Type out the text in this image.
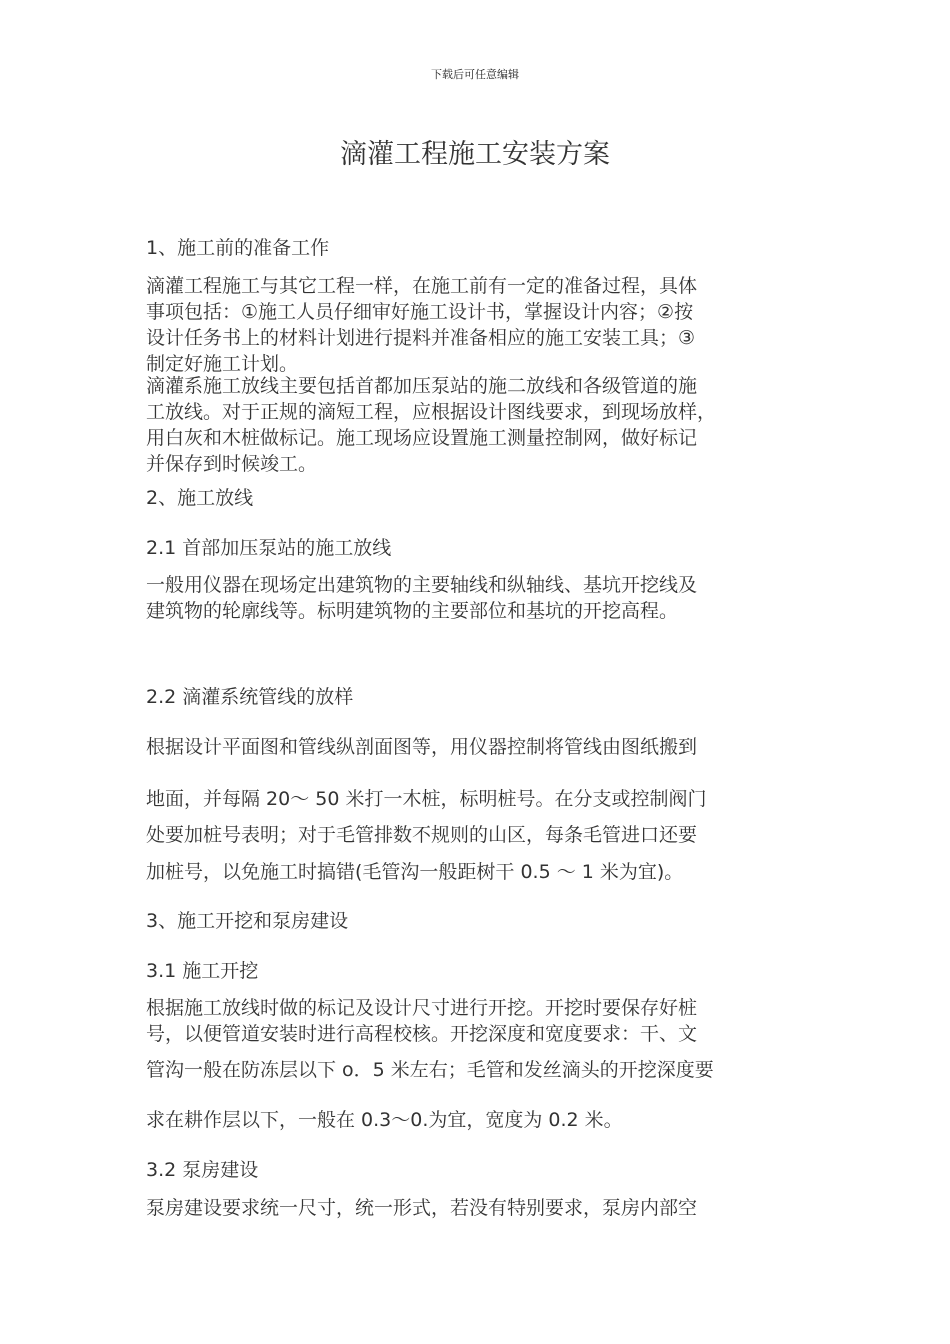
下载后可任意编辑
滴灌工程施工安装方案
1、施工前的准备工作
滴灌工程施工与其它工程一样，在施工前有一定的准备过程，具体
事项包括：①施工人员仔细审好施工设计书，掌握设计内容；②按
设计任务书上的材料计划进行提料并准备相应的施工安装工具；③
制定好施工计划。
滴灌系施工放线主要包括首都加压泵站的施二放线和各级管道的施
工放线。对于正规的滴短工程，应根据设计图线要求，到现场放样，
用白灰和木桩做标记。施工现场应设置施工测量控制网，做好标记
并保存到时候竣工。
2、施工放线
2.1 首部加压泵站的施工放线
一般用仪器在现场定出建筑物的主要轴线和纵轴线、基坑开挖线及
建筑物的轮廓线等。标明建筑物的主要部位和基坑的开挖高程。
2.2 滴灌系统管线的放样
根据设计平面图和管线纵剖面图等，用仪器控制将管线由图纸搬到
地面，并每隔 20～ 50 米打一木桩，标明桩号。在分支或控制阀门
处要加桩号表明；对于毛管排数不规则的山区，每条毛管进口还要
加桩号，以免施工时搞错(毛管沟一般距树干 0.5 ～ 1 米为宜)。
3、施工开挖和泵房建设
3.1 施工开挖
根据施工放线时做的标记及设计尺寸进行开挖。开挖时要保存好桩
号，以便管道安装时进行高程校核。开挖深度和宽度要求：干、文
管沟一般在防冻层以下 o．5 米左右；毛管和发丝滴头的开挖深度要
求在耕作层以下，一般在 0.3～0.为宜，宽度为 0.2 米。
3.2 泵房建设
泵房建设要求统一尺寸，统一形式，若没有特别要求，泵房内部空
